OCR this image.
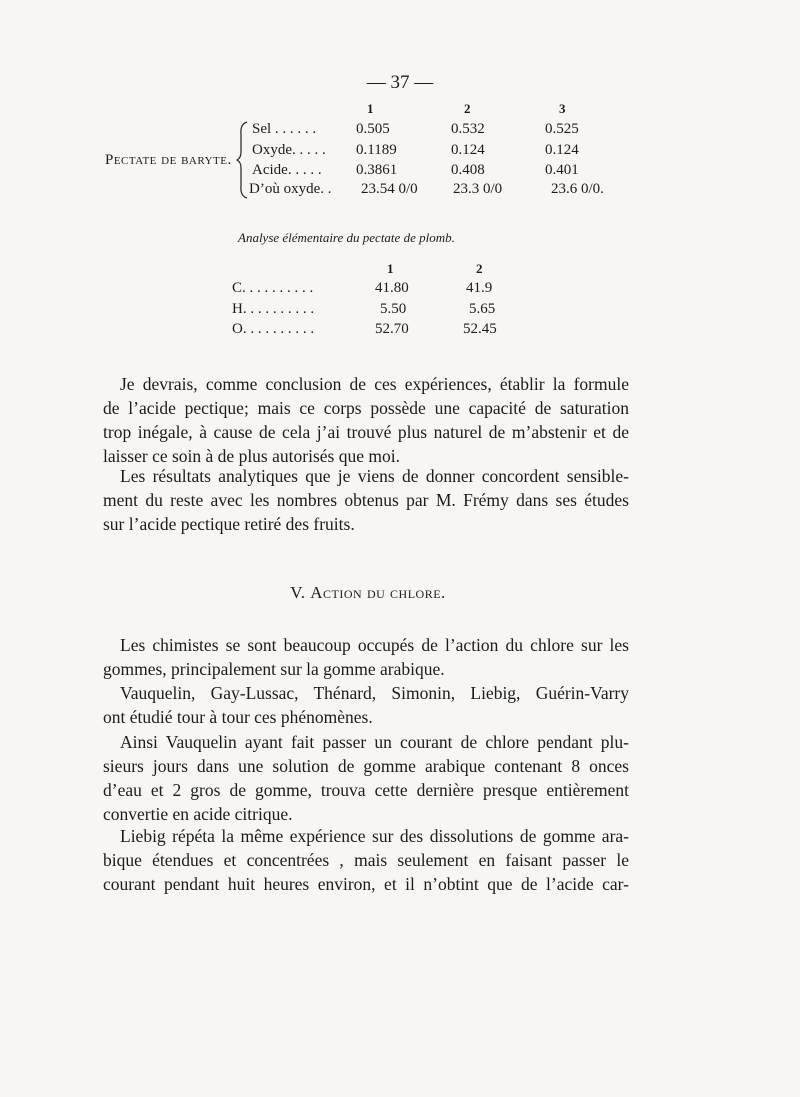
— 37 —
1	2	3
Pectate de baryte.
Sel . . . . . .	0.505	0.532	0.525
Oxyde. . . . . 0.1189	0.124	0.124
Acide. . . . . 0.3861	0.408	0.401
D’où oxyde. . 23.54 0/0 23.3 0/0	23.6 0/0.
Analyse élémentaire du pectate de plomb.
1	2
C. . . . . . . . . .	41.80	41.9
H. . . . . . . . . .	5.50	5.65
O. . . . . . . . . .	52.70	52.45
Je devrais, comme conclusion de ces expériences, établir la formule
de l’acide pectique; mais ce corps possède une capacité de saturation
trop inégale, à cause de cela j’ai trouvé plus naturel de m’abstenir et de
laisser ce soin à de plus autorisés que moi.
Les résultats analytiques que je viens de donner concordent sensible-
ment du reste avec les nombres obtenus par M. Frémy dans ses études
sur l’acide pectique retiré des fruits.
V. Action du chlore.
Les chimistes se sont beaucoup occupés de l’action du chlore sur les
gommes, principalement sur la gomme arabique.
Vauquelin, Gay-Lussac, Thénard, Simonin, Liebig, Guérin-Varry
ont étudié tour à tour ces phénomènes.
Ainsi Vauquelin ayant fait passer un courant de chlore pendant plu-
sieurs jours dans une solution de gomme arabique contenant 8 onces
d’eau et 2 gros de gomme, trouva cette dernière presque entièrement
convertie en acide citrique.
Liebig répéta la même expérience sur des dissolutions de gomme ara-
bique étendues et concentrées , mais seulement en faisant passer le
courant pendant huit heures environ, et il n’obtint que de l’acide car-
